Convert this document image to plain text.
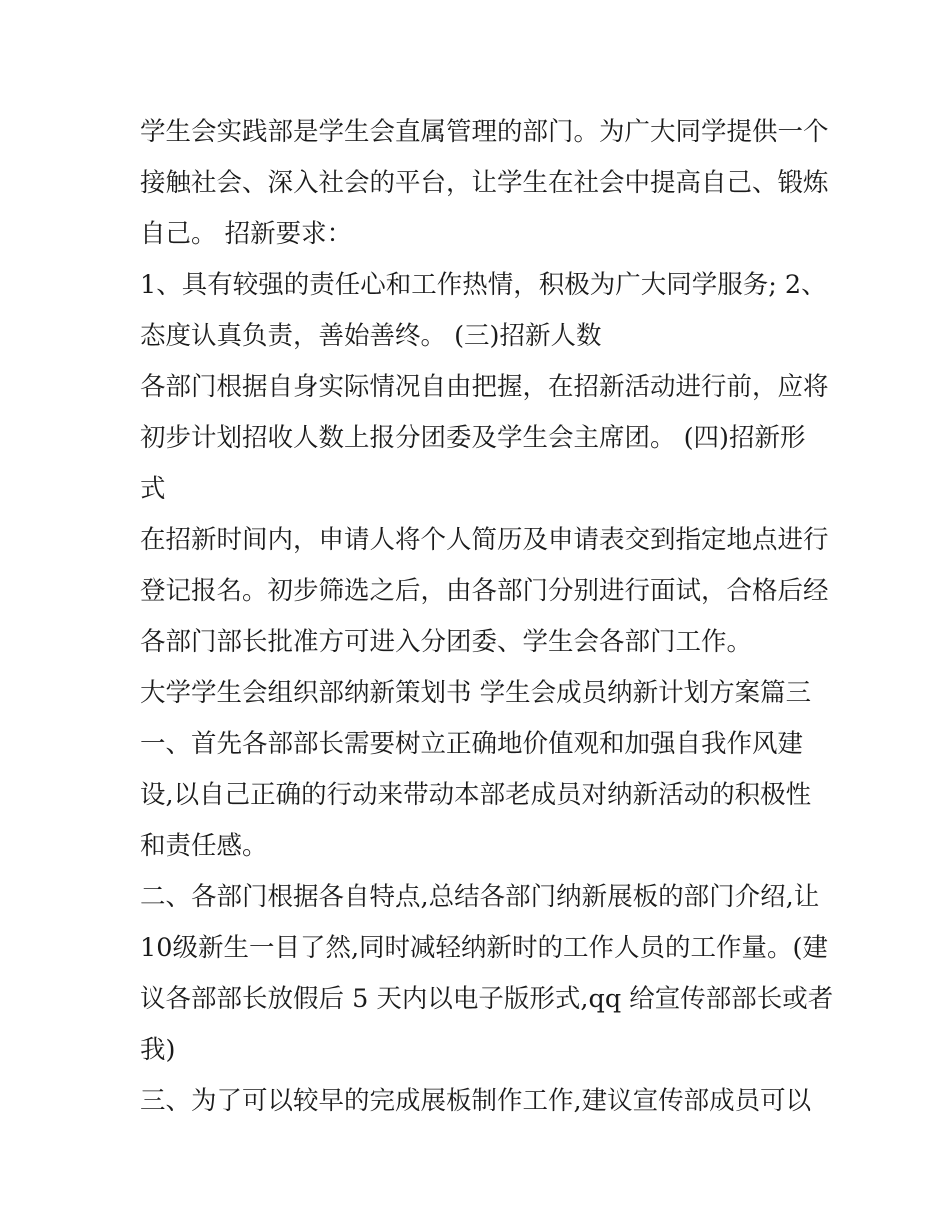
学生会实践部是学生会直属管理的部门。为广大同学提供一个
接触社会、深入社会的平台，让学生在社会中提高自己、锻炼
自己。 招新要求：
1、具有较强的责任心和工作热情，积极为广大同学服务; 2、
态度认真负责，善始善终。 (三)招新人数
各部门根据自身实际情况自由把握，在招新活动进行前，应将
初步计划招收人数上报分团委及学生会主席团。 (四)招新形
式
在招新时间内，申请人将个人简历及申请表交到指定地点进行
登记报名。初步筛选之后，由各部门分别进行面试，合格后经
各部门部长批准方可进入分团委、学生会各部门工作。
大学学生会组织部纳新策划书 学生会成员纳新计划方案篇三
一、首先各部部长需要树立正确地价值观和加强自我作风建
设,以自己正确的行动来带动本部老成员对纳新活动的积极性
和责任感。
二、各部门根据各自特点,总结各部门纳新展板的部门介绍,让
10级新生一目了然,同时减轻纳新时的工作人员的工作量。(建
议各部部长放假后 5 天内以电子版形式,qq 给宣传部部长或者
我)
三、为了可以较早的完成展板制作工作,建议宣传部成员可以
